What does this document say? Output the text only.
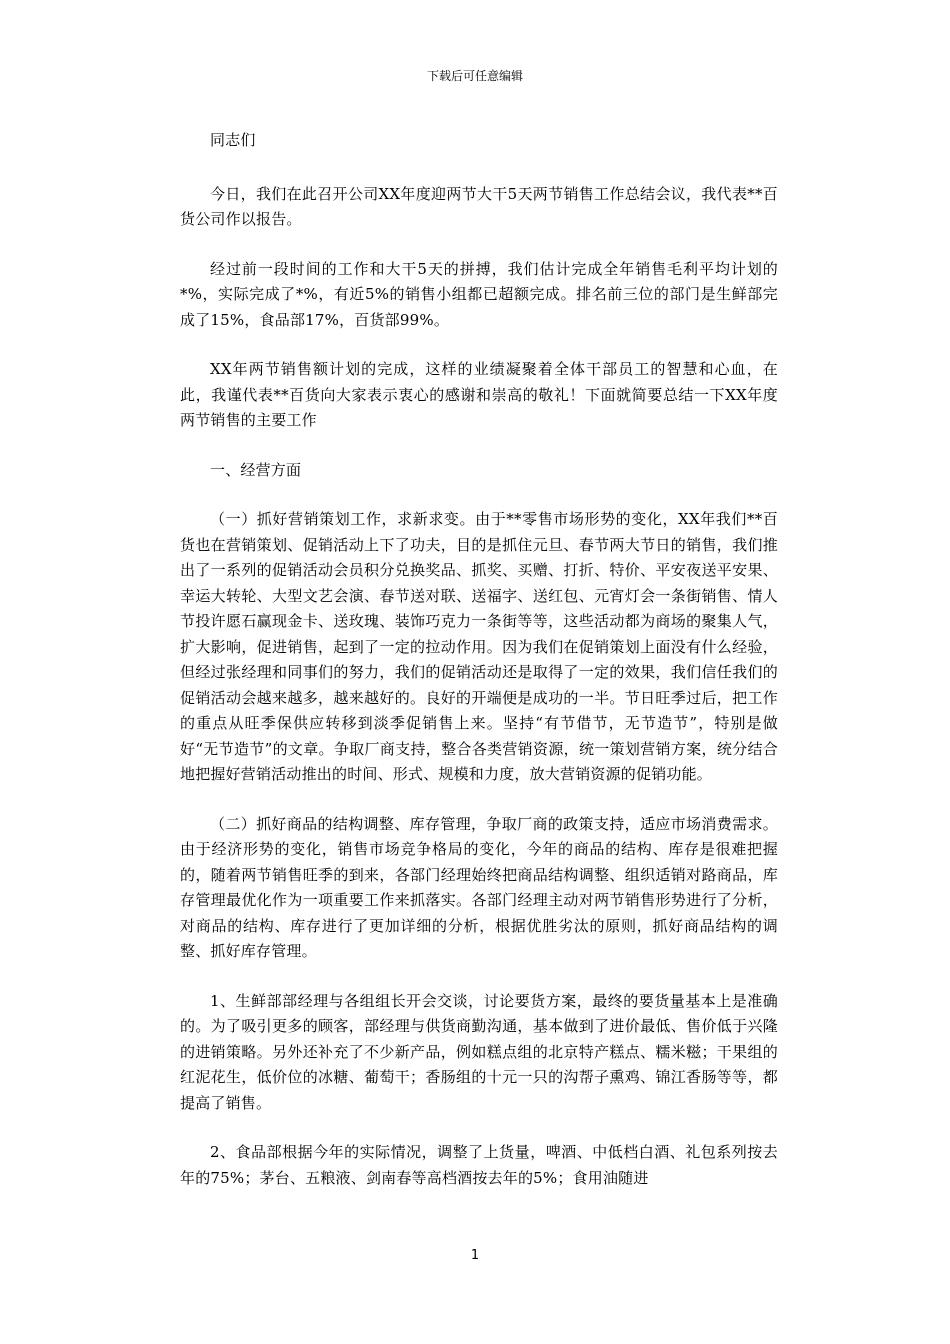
下载后可任意编辑

同志们

今日，我们在此召开公司XX年度迎两节大干5天两节销售工作总结会议，我代表**百货公司作以报告。

经过前一段时间的工作和大干5天的拼搏，我们估计完成全年销售毛利平均计划的*%，实际完成了*%，有近5%的销售小组都已超额完成。排名前三位的部门是生鲜部完成了15%，食品部17%，百货部99%。

XX年两节销售额计划的完成，这样的业绩凝聚着全体干部员工的智慧和心血，在此，我谨代表**百货向大家表示衷心的感谢和崇高的敬礼！下面就简要总结一下XX年度两节销售的主要工作

一、经营方面

（一）抓好营销策划工作，求新求变。由于**零售市场形势的变化，XX年我们**百货也在营销策划、促销活动上下了功夫，目的是抓住元旦、春节两大节日的销售，我们推出了一系列的促销活动会员积分兑换奖品、抓奖、买赠、打折、特价、平安夜送平安果、幸运大转轮、大型文艺会演、春节送对联、送福字、送红包、元宵灯会一条街销售、情人节投许愿石赢现金卡、送玫瑰、装饰巧克力一条街等等，这些活动都为商场的聚集人气，扩大影响，促进销售，起到了一定的拉动作用。因为我们在促销策划上面没有什么经验，但经过张经理和同事们的努力，我们的促销活动还是取得了一定的效果，我们信任我们的促销活动会越来越多，越来越好的。良好的开端便是成功的一半。节日旺季过后，把工作的重点从旺季保供应转移到淡季促销售上来。坚持“有节借节，无节造节”，特别是做好“无节造节”的文章。争取厂商支持，整合各类营销资源，统一策划营销方案，统分结合地把握好营销活动推出的时间、形式、规模和力度，放大营销资源的促销功能。

（二）抓好商品的结构调整、库存管理，争取厂商的政策支持，适应市场消费需求。由于经济形势的变化，销售市场竞争格局的变化，今年的商品的结构、库存是很难把握的，随着两节销售旺季的到来，各部门经理始终把商品结构调整、组织适销对路商品，库存管理最优化作为一项重要工作来抓落实。各部门经理主动对两节销售形势进行了分析，对商品的结构、库存进行了更加详细的分析，根据优胜劣汰的原则，抓好商品结构的调整、抓好库存管理。

1、生鲜部部经理与各组组长开会交谈，讨论要货方案，最终的要货量基本上是准确的。为了吸引更多的顾客，部经理与供货商勤沟通，基本做到了进价最低、售价低于兴隆的进销策略。另外还补充了不少新产品，例如糕点组的北京特产糕点、糯米糍；干果组的红泥花生，低价位的冰糖、葡萄干；香肠组的十元一只的沟帮子熏鸡、锦江香肠等等，都提高了销售。

2、食品部根据今年的实际情况，调整了上货量，啤酒、中低档白酒、礼包系列按去年的75%；茅台、五粮液、剑南春等高档酒按去年的5%；食用油随进

1
